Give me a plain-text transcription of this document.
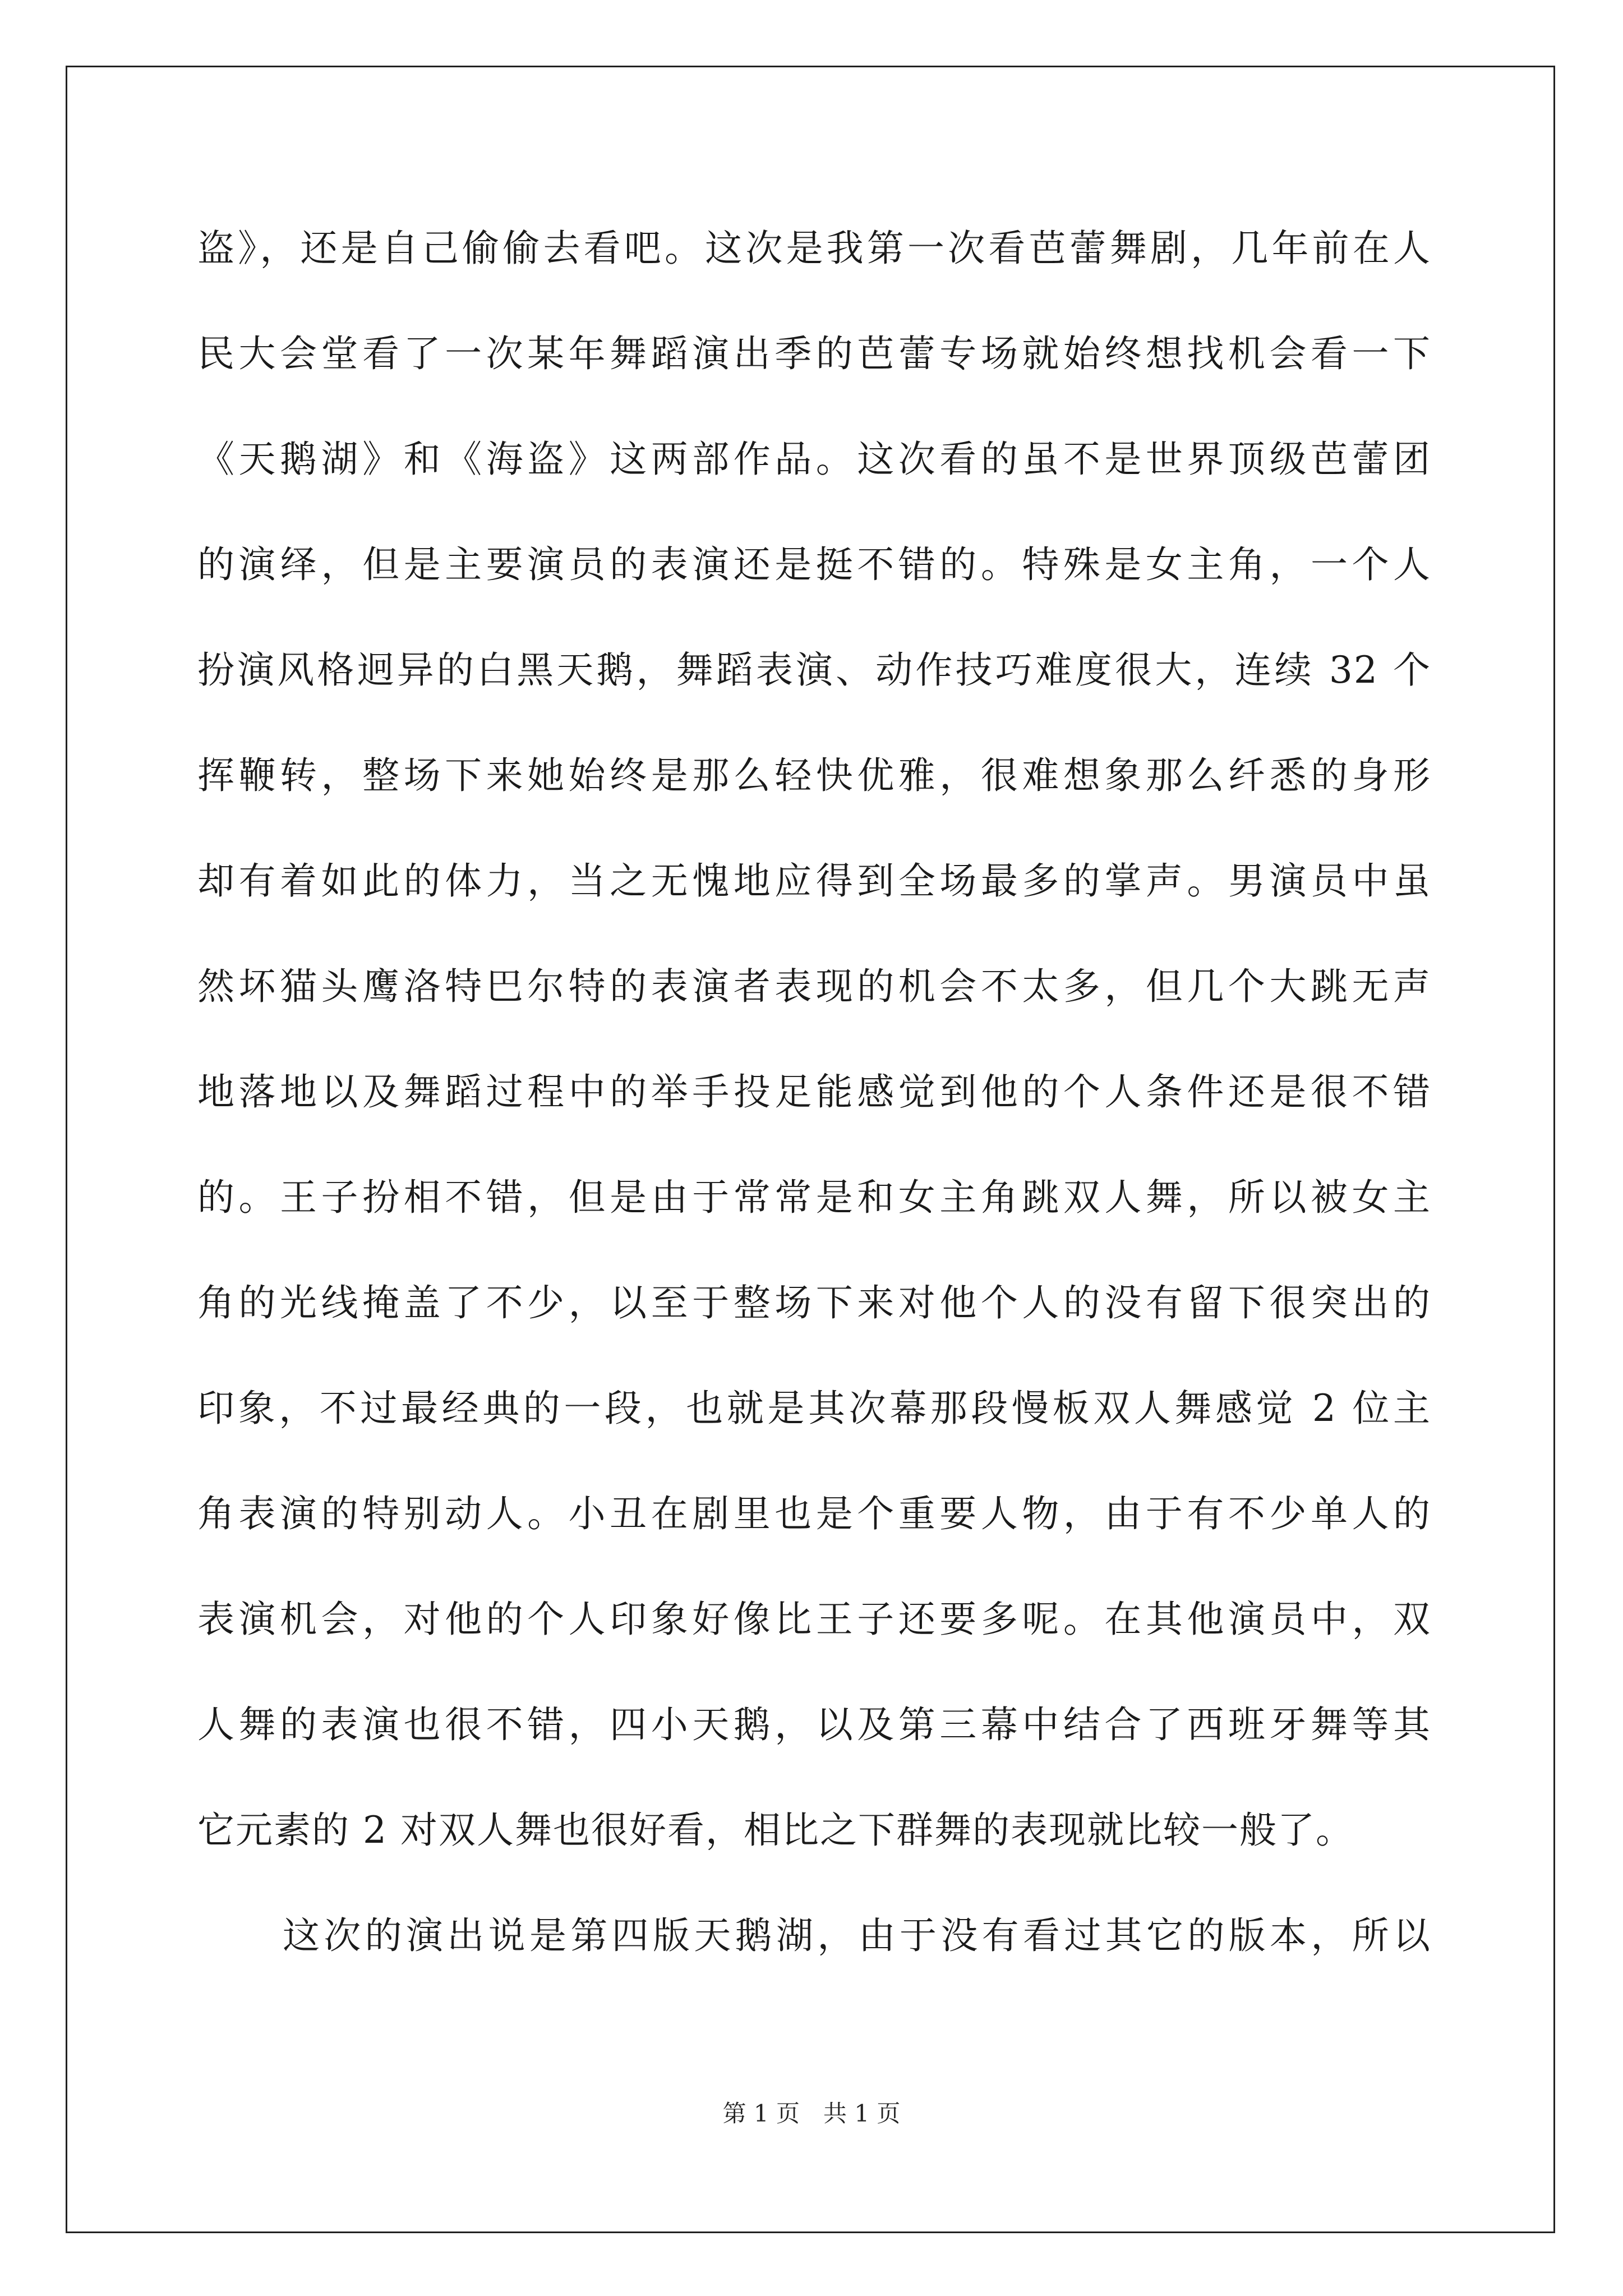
盗》，还是自己偷偷去看吧。这次是我第一次看芭蕾舞剧，几年前在人
民大会堂看了一次某年舞蹈演出季的芭蕾专场就始终想找机会看一下
《天鹅湖》和《海盗》这两部作品。这次看的虽不是世界顶级芭蕾团
的演绎，但是主要演员的表演还是挺不错的。特殊是女主角，一个人
扮演风格迥异的白黑天鹅，舞蹈表演、动作技巧难度很大，连续 32 个
挥鞭转，整场下来她始终是那么轻快优雅，很难想象那么纤悉的身形
却有着如此的体力，当之无愧地应得到全场最多的掌声。男演员中虽
然坏猫头鹰洛特巴尔特的表演者表现的机会不太多，但几个大跳无声
地落地以及舞蹈过程中的举手投足能感觉到他的个人条件还是很不错
的。王子扮相不错，但是由于常常是和女主角跳双人舞，所以被女主
角的光线掩盖了不少，以至于整场下来对他个人的没有留下很突出的
印象，不过最经典的一段，也就是其次幕那段慢板双人舞感觉 2 位主
角表演的特别动人。小丑在剧里也是个重要人物，由于有不少单人的
表演机会，对他的个人印象好像比王子还要多呢。在其他演员中，双
人舞的表演也很不错，四小天鹅，以及第三幕中结合了西班牙舞等其
它元素的 2 对双人舞也很好看，相比之下群舞的表现就比较一般了。
这次的演出说是第四版天鹅湖，由于没有看过其它的版本，所以
第 1 页　共 1 页
